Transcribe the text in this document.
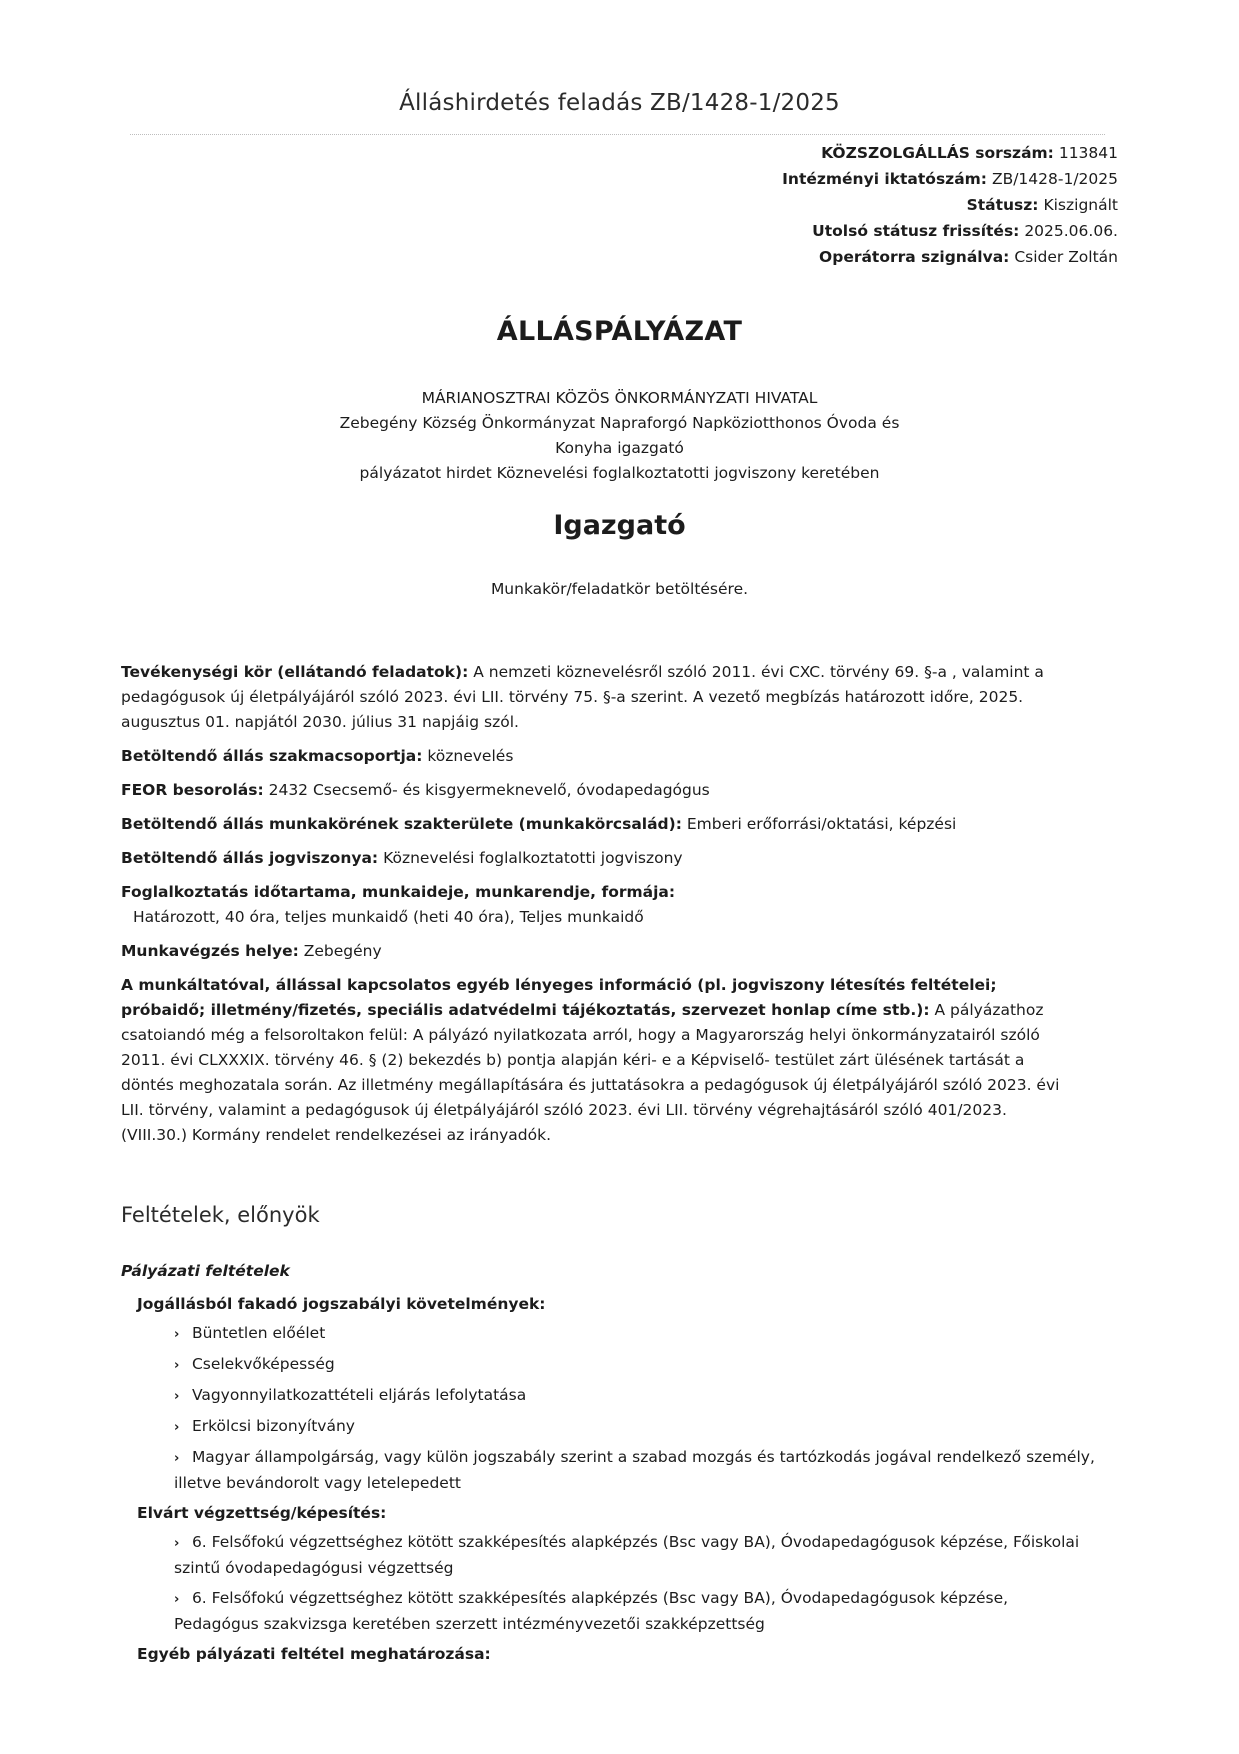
Álláshirdetés feladás ZB/1428-1/2025
KÖZSZOLGÁLLÁS sorszám: 113841
Intézményi iktatószám: ZB/1428-1/2025
Státusz: Kiszignált
Utolsó státusz frissítés: 2025.06.06.
Operátorra szignálva: Csider Zoltán
ÁLLÁSPÁLYÁZAT
MÁRIANOSZTRAI KÖZÖS ÖNKORMÁNYZATI HIVATAL
Zebegény Község Önkormányzat Napraforgó Napköziotthonos Óvoda és
Konyha igazgató
pályázatot hirdet Köznevelési foglalkoztatotti jogviszony keretében
Igazgató
Munkakör/feladatkör betöltésére.

Tevékenységi kör (ellátandó feladatok): A nemzeti köznevelésről szóló 2011. évi CXC. törvény 69. §-a , valamint a pedagógusok új életpályájáról szóló 2023. évi LII. törvény 75. §-a szerint. A vezető megbízás határozott időre, 2025. augusztus 01. napjától 2030. július 31 napjáig szól.

Betöltendő állás szakmacsoportja: köznevelés

FEOR besorolás: 2432 Csecsemő- és kisgyermeknevelő, óvodapedagógus

Betöltendő állás munkakörének szakterülete (munkakörcsalád): Emberi erőforrási/oktatási, képzési

Betöltendő állás jogviszonya: Köznevelési foglalkoztatotti jogviszony

Foglalkoztatás időtartama, munkaideje, munkarendje, formája:
Határozott, 40 óra, teljes munkaidő (heti 40 óra), Teljes munkaidő

Munkavégzés helye: Zebegény

A munkáltatóval, állással kapcsolatos egyéb lényeges információ (pl. jogviszony létesítés feltételei; próbaidő; illetmény/fizetés, speciális adatvédelmi tájékoztatás, szervezet honlap címe stb.): A pályázathoz csatoiandó még a felsoroltakon felül: A pályázó nyilatkozata arról, hogy a Magyarország helyi önkormányzatairól szóló 2011. évi CLXXXIX. törvény 46. § (2) bekezdés b) pontja alapján kéri- e a Képviselő- testület zárt ülésének tartását a döntés meghozatala során. Az illetmény megállapítására és juttatásokra a pedagógusok új életpályájáról szóló 2023. évi LII. törvény, valamint a pedagógusok új életpályájáról szóló 2023. évi LII. törvény végrehajtásáról szóló 401/2023. (VIII.30.) Kormány rendelet rendelkezései az irányadók.

Feltételek, előnyök
Pályázati feltételek
Jogállásból fakadó jogszabályi követelmények:
› Büntetlen előélet
› Cselekvőképesség
› Vagyonnyilatkozattételi eljárás lefolytatása
› Erkölcsi bizonyítvány
› Magyar állampolgárság, vagy külön jogszabály szerint a szabad mozgás és tartózkodás jogával rendelkező személy, illetve bevándorolt vagy letelepedett
Elvárt végzettség/képesítés:
› 6. Felsőfokú végzettséghez kötött szakképesítés alapképzés (Bsc vagy BA), Óvodapedagógusok képzése, Főiskolai szintű óvodapedagógusi végzettség
› 6. Felsőfokú végzettséghez kötött szakképesítés alapképzés (Bsc vagy BA), Óvodapedagógusok képzése, Pedagógus szakvizsga keretében szerzett intézményvezetői szakképzettség
Egyéb pályázati feltétel meghatározása:
